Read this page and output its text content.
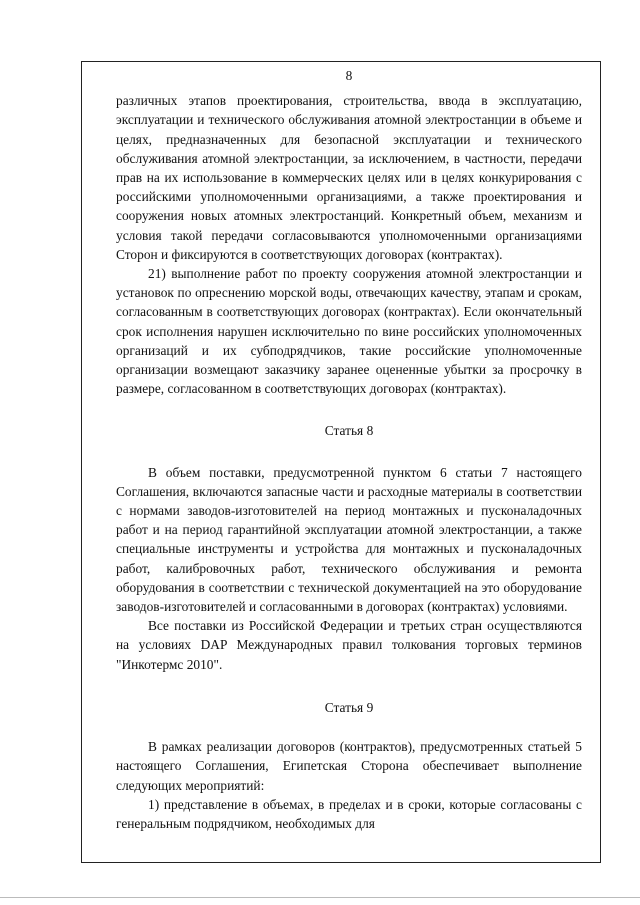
8

различных этапов проектирования, строительства, ввода в эксплуатацию, эксплуатации и технического обслуживания атомной электростанции в объеме и целях, предназначенных для безопасной эксплуатации и технического обслуживания атомной электростанции, за исключением, в частности, передачи прав на их использование в коммерческих целях или в целях конкурирования с российскими уполномоченными организациями, а также проектирования и сооружения новых атомных электростанций. Конкретный объем, механизм и условия такой передачи согласовываются уполномоченными организациями Сторон и фиксируются в соответствующих договорах (контрактах).

21) выполнение работ по проекту сооружения атомной электростанции и установок по опреснению морской воды, отвечающих качеству, этапам и срокам, согласованным в соответствующих договорах (контрактах). Если окончательный срок исполнения нарушен исключительно по вине российских уполномоченных организаций и их субподрядчиков, такие российские уполномоченные организации возмещают заказчику заранее оцененные убытки за просрочку в размере, согласованном в соответствующих договорах (контрактах).

Статья 8

В объем поставки, предусмотренной пунктом 6 статьи 7 настоящего Соглашения, включаются запасные части и расходные материалы в соответствии с нормами заводов-изготовителей на период монтажных и пусконаладочных работ и на период гарантийной эксплуатации атомной электростанции, а также специальные инструменты и устройства для монтажных и пусконаладочных работ, калибровочных работ, технического обслуживания и ремонта оборудования в соответствии с технической документацией на это оборудование заводов-изготовителей и согласованными в договорах (контрактах) условиями.

Все поставки из Российской Федерации и третьих стран осуществляются на условиях DAP Международных правил толкования торговых терминов "Инкотермс 2010".

Статья 9

В рамках реализации договоров (контрактов), предусмотренных статьей 5 настоящего Соглашения, Египетская Сторона обеспечивает выполнение следующих мероприятий:

1) представление в объемах, в пределах и в сроки, которые согласованы с генеральным подрядчиком, необходимых для
